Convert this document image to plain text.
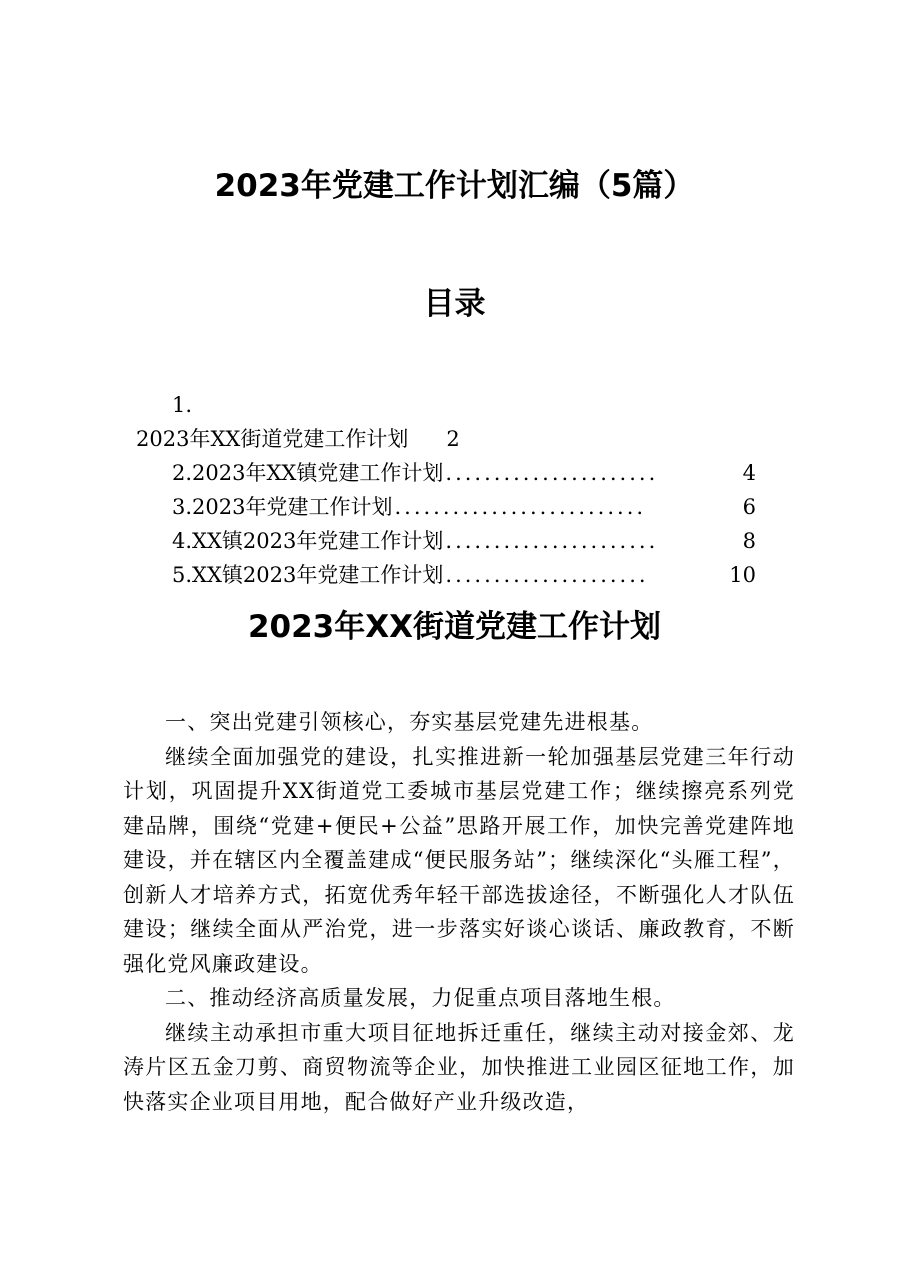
2023年党建工作计划汇编（5篇）
目录
1.
2023年XX街道党建工作计划 2
2.2023年XX镇党建工作计划 ......................	4
3.2023年党建工作计划 ..........................	6
4.XX镇2023年党建工作计划 ......................	8
5.XX镇2023年党建工作计划 .....................	10
2023年XX街道党建工作计划

一、突出党建引领核心，夯实基层党建先进根基。

继续全面加强党的建设，扎实推进新一轮加强基层党建三年行动计划，巩固提升XX街道党工委城市基层党建工作；继续擦亮系列党建品牌，围绕“党建+便民+公益”思路开展工作，加快完善党建阵地建设，并在辖区内全覆盖建成“便民服务站”；继续深化“头雁工程”，创新人才培养方式，拓宽优秀年轻干部选拔途径，不断强化人才队伍建设；继续全面从严治党，进一步落实好谈心谈话、廉政教育，不断强化党风廉政建设。

二、推动经济高质量发展，力促重点项目落地生根。

继续主动承担市重大项目征地拆迁重任，继续主动对接金郊、龙涛片区五金刀剪、商贸物流等企业，加快推进工业园区征地工作，加快落实企业项目用地，配合做好产业升级改造，
